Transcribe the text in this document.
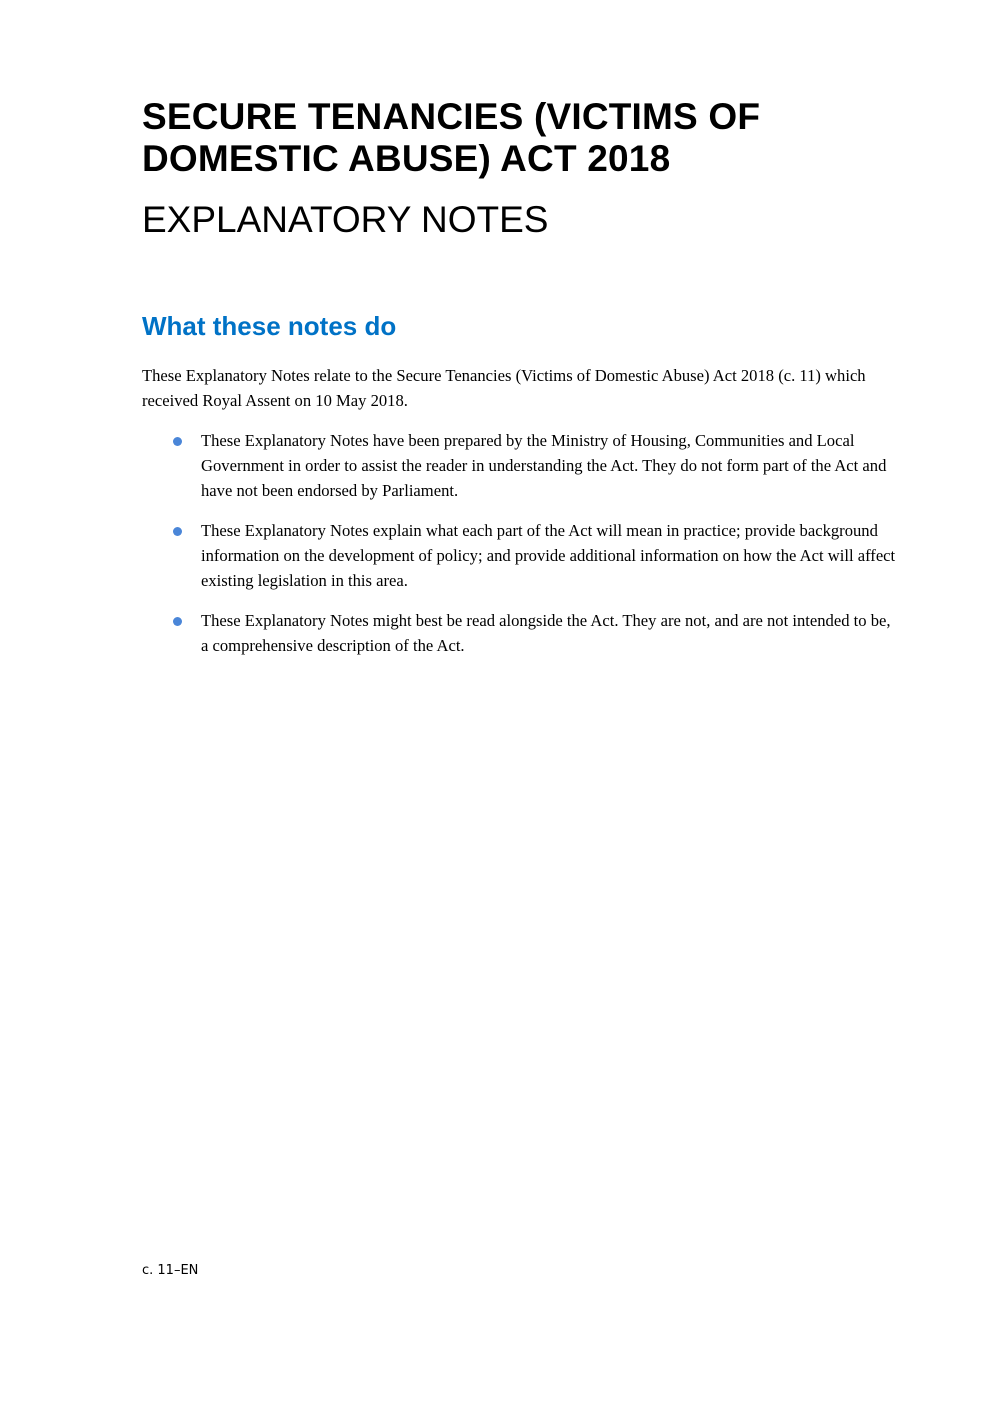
SECURE TENANCIES (VICTIMS OF DOMESTIC ABUSE) ACT 2018
EXPLANATORY NOTES
What these notes do

These Explanatory Notes relate to the Secure Tenancies (Victims of Domestic Abuse) Act 2018 (c. 11) which received Royal Assent on 10 May 2018.

These Explanatory Notes have been prepared by the Ministry of Housing, Communities and Local Government in order to assist the reader in understanding the Act. They do not form part of the Act and have not been endorsed by Parliament.
These Explanatory Notes explain what each part of the Act will mean in practice; provide background information on the development of policy; and provide additional information on how the Act will affect existing legislation in this area.
These Explanatory Notes might best be read alongside the Act. They are not, and are not intended to be, a comprehensive description of the Act.

c. 11–EN
